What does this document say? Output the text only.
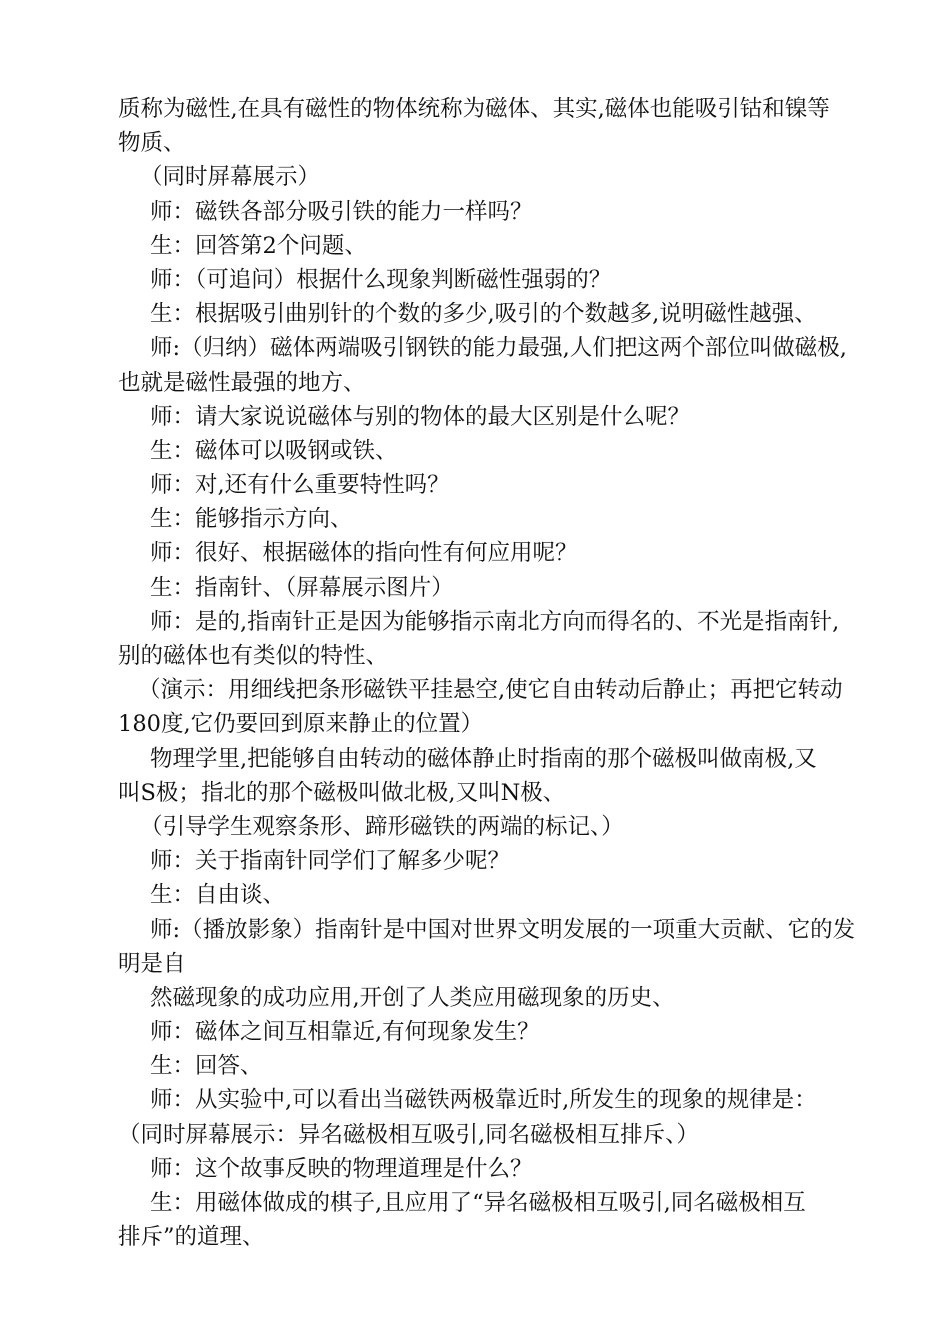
质称为磁性,在具有磁性的物体统称为磁体、其实,磁体也能吸引钴和镍等
物质、
（同时屏幕展示）
师：磁铁各部分吸引铁的能力一样吗？
生：回答第2个问题、
师：（可追问）根据什么现象判断磁性强弱的？
生：根据吸引曲别针的个数的多少,吸引的个数越多,说明磁性越强、
师:（归纳）磁体两端吸引钢铁的能力最强,人们把这两个部位叫做磁极,
也就是磁性最强的地方、
师：请大家说说磁体与别的物体的最大区别是什么呢？
生：磁体可以吸钢或铁、
师：对,还有什么重要特性吗？
生：能够指示方向、
师：很好、根据磁体的指向性有何应用呢？
生：指南针、（屏幕展示图片）
师：是的,指南针正是因为能够指示南北方向而得名的、不光是指南针,
别的磁体也有类似的特性、
（演示：用细线把条形磁铁平挂悬空,使它自由转动后静止；再把它转动
180度,它仍要回到原来静止的位置）
物理学里,把能够自由转动的磁体静止时指南的那个磁极叫做南极,又
叫S极；指北的那个磁极叫做北极,又叫N极、
（引导学生观察条形、蹄形磁铁的两端的标记、）
师：关于指南针同学们了解多少呢？
生：自由谈、
师:（播放影象）指南针是中国对世界文明发展的一项重大贡献、它的发
明是自
然磁现象的成功应用,开创了人类应用磁现象的历史、
师：磁体之间互相靠近,有何现象发生？
生：回答、
师：从实验中,可以看出当磁铁两极靠近时,所发生的现象的规律是：
（同时屏幕展示：异名磁极相互吸引,同名磁极相互排斥、）
师：这个故事反映的物理道理是什么？
生：用磁体做成的棋子,且应用了“异名磁极相互吸引,同名磁极相互
排斥”的道理、
